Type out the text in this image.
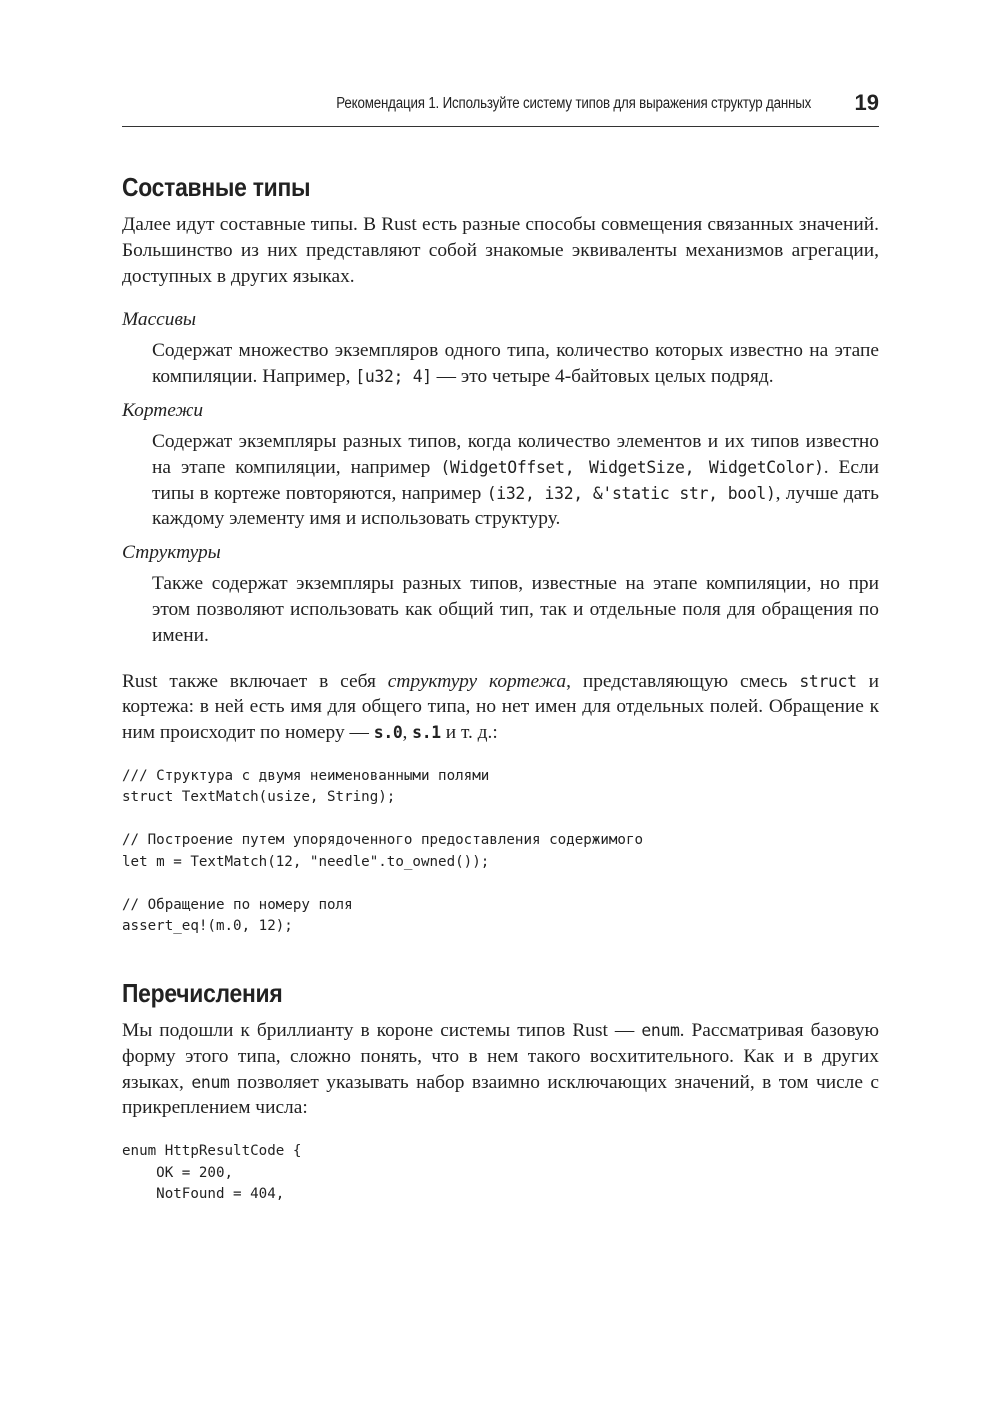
Рекомендация 1. Используйте систему типов для выражения структур данных 19
Составные типы

Далее идут составные типы. В Rust есть разные способы совмещения связанных значений. Большинство из них представляют собой знакомые эквиваленты механизмов агрегации, доступных в других языках.

Массивы

Содержат множество экземпляров одного типа, количество которых известно на этапе компиляции. Например, [u32; 4] — это четыре 4-байтовых целых подряд.

Кортежи

Содержат экземпляры разных типов, когда количество элементов и их типов известно на этапе компиляции, например (WidgetOffset, WidgetSize, WidgetColor). Если типы в кортеже повторяются, например (i32, i32, &'static str, bool), лучше дать каждому элементу имя и использовать структуру.

Структуры

Также содержат экземпляры разных типов, известные на этапе компиляции, но при этом позволяют использовать как общий тип, так и отдельные поля для обращения по имени.

Rust также включает в себя структуру кортежа, представляющую смесь struct и кортежа: в ней есть имя для общего типа, но нет имен для отдельных полей. Обращение к ним происходит по номеру — s.0, s.1 и т. д.:

/// Структура с двумя неименованными полями
struct TextMatch(usize, String);
// Построение путем упорядоченного предоставления содержимого
let m = TextMatch(12, "needle".to_owned());
// Обращение по номеру поля
assert_eq!(m.0, 12);
Перечисления

Мы подошли к бриллианту в короне системы типов Rust — enum. Рассматривая базовую форму этого типа, сложно понять, что в нем такого восхитительного. Как и в других языках, enum позволяет указывать набор взаимно исключающих значений, в том числе с прикреплением числа:

enum HttpResultCode {
OK = 200,
NotFound = 404,
